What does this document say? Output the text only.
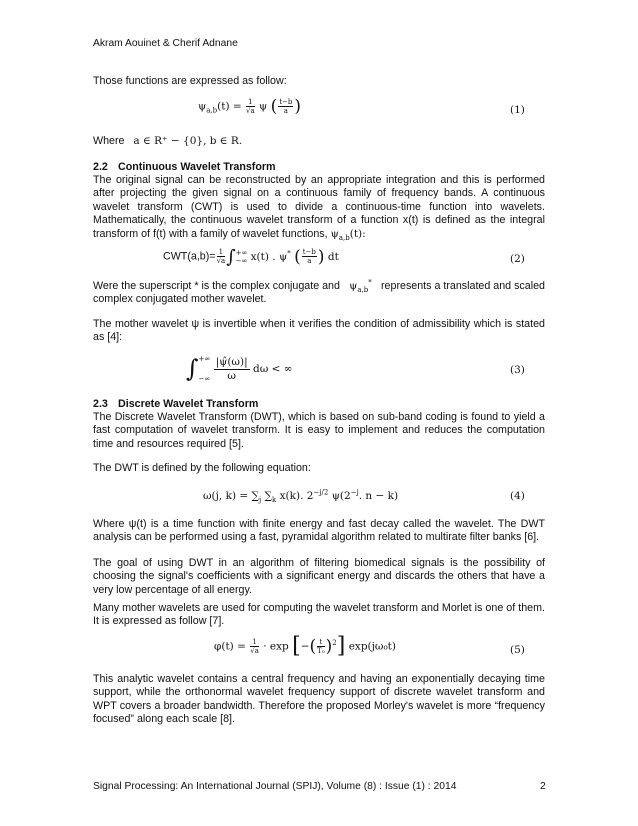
Akram Aouinet & Cherif Adnane
Those functions are expressed as follow:
$\psi_{a,b}(t) = \frac{1}{√a}$ ψ ( $\frac{t-b}{a}$ )	(1)
Where a ∈ R⁺ − {0}, b ∈ R.
2.2 Continuous Wavelet Transform
The original signal can be reconstructed by an appropriate integration and this is performed after projecting the given signal on a continuous family of frequency bands. A continuous wavelet transform (CWT) is used to divide a continuous-time function into wavelets. Mathematically, the continuous wavelet transform of a function x(t) is defined as the integral transform of f(t) with a family of wavelet functions, $\psi_{a,b}(t)$:
$CWT(a,b)= \frac{1}{√a}$ ∫ +∞
−∞ x(t) . ψ* ( $\frac{t-b}{a}$ ) dt	(2)
Were the superscript * is the complex conjugate and $\psi_{a,b}^*$ represents a translated and scaled
complex conjugated mother wavelet.
The mother wavelet ψ is invertible when it verifies the condition of admissibility which is stated as [4]:
∫ +∞
−∞
$\frac{|\psî(\omega)|}{\omega}$ dω < ∞	(3)
2.3 Discrete Wavelet Transform
The Discrete Wavelet Transform (DWT), which is based on sub-band coding is found to yield a fast computation of wavelet transform. It is easy to implement and reduces the computation time and resources required [5].
The DWT is defined by the following equation:
ω(j, $k) = \sum_j$ $\sum_k$ x(k). $2^{-j/2}$ $\psi(2^{-j}$. n − k)	(4)
Where ψ(t) is a time function with finite energy and fast decay called the wavelet. The DWT analysis can be performed using a fast, pyramidal algorithm related to multirate filter banks [6].
The goal of using DWT in an algorithm of filtering biomedical signals is the possibility of choosing the signal's coefficients with a significant energy and discards the others that have a very low percentage of all energy.
Many mother wavelets are used for computing the wavelet transform and Morlet is one of them. It is expressed as follow [7].
$\varphi(t) = \frac{1}{√a} \cdot \exp$ [−( $\frac{t}{\text{T₀}} )^2$] exp(jω₀t)	(5)
This analytic wavelet contains a central frequency and having an exponentially decaying time support, while the orthonormal wavelet frequency support of discrete wavelet transform and WPT covers a broader bandwidth. Therefore the proposed Morley's wavelet is more “frequency focused” along each scale [8].
Signal Processing: An International Journal (SPIJ), Volume (8) : Issue (1) : 2014	2
